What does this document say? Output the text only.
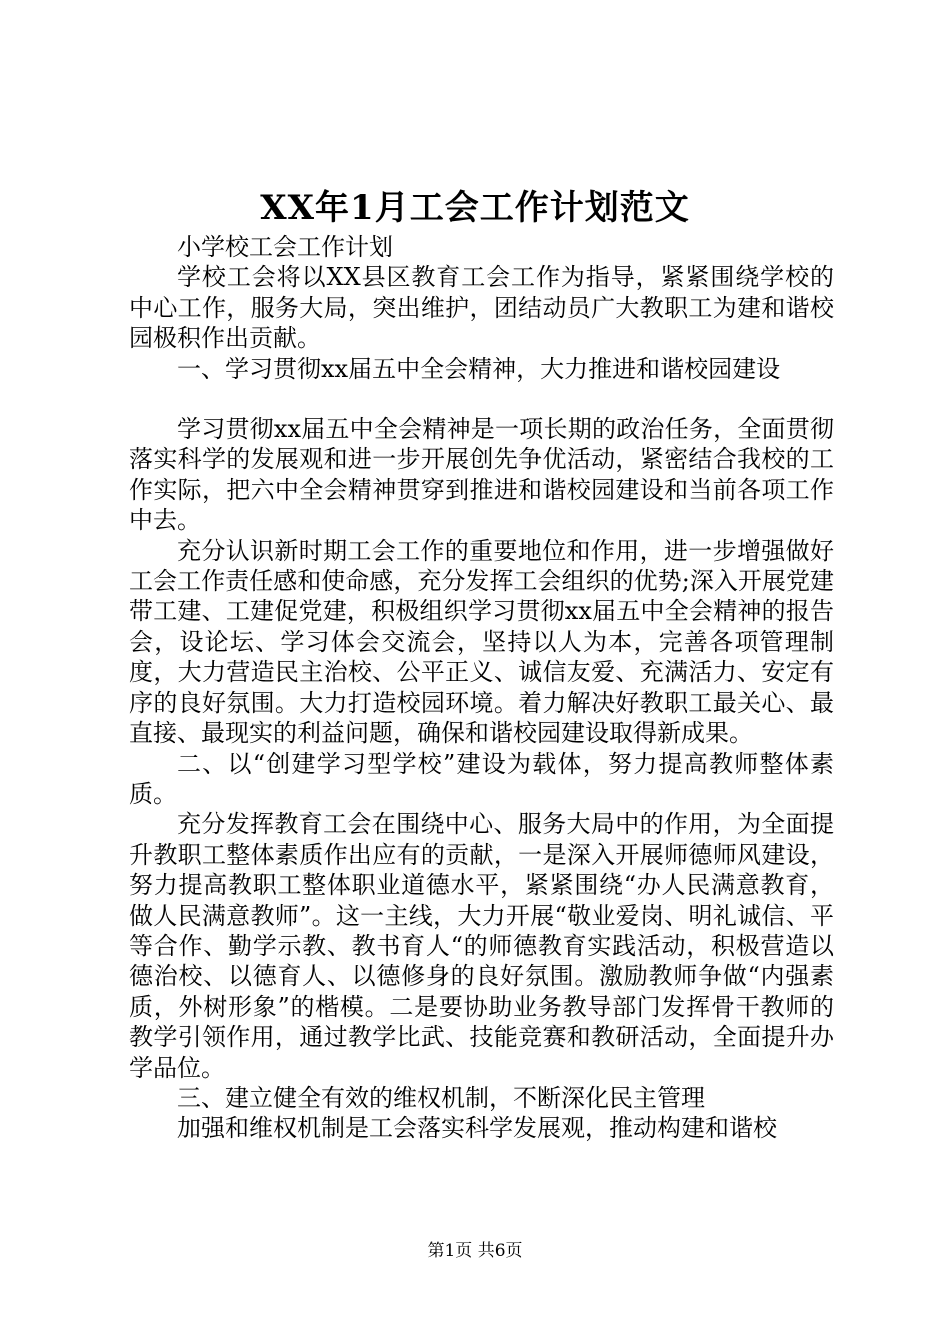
XX年1月工会工作计划范文

小学校工会工作计划

学校工会将以XX县区教育工会工作为指导，紧紧围绕学校的中心工作，服务大局，突出维护，团结动员广大教职工为建和谐校园极积作出贡献。

一、学习贯彻xx届五中全会精神，大力推进和谐校园建设

学习贯彻xx届五中全会精神是一项长期的政治任务，全面贯彻落实科学的发展观和进一步开展创先争优活动，紧密结合我校的工作实际，把六中全会精神贯穿到推进和谐校园建设和当前各项工作中去。

充分认识新时期工会工作的重要地位和作用，进一步增强做好工会工作责任感和使命感，充分发挥工会组织的优势;深入开展党建带工建、工建促党建，积极组织学习贯彻xx届五中全会精神的报告会，设论坛、学习体会交流会，坚持以人为本，完善各项管理制度，大力营造民主治校、公平正义、诚信友爱、充满活力、安定有序的良好氛围。大力打造校园环境。着力解决好教职工最关心、最直接、最现实的利益问题，确保和谐校园建设取得新成果。

二、以“创建学习型学校”建设为载体，努力提高教师整体素质。

充分发挥教育工会在围绕中心、服务大局中的作用，为全面提升教职工整体素质作出应有的贡献，一是深入开展师德师风建设，努力提高教职工整体职业道德水平，紧紧围绕“办人民满意教育，做人民满意教师”。这一主线，大力开展“敬业爱岗、明礼诚信、平等合作、勤学示教、教书育人“的师德教育实践活动，积极营造以德治校、以德育人、以德修身的良好氛围。激励教师争做“内强素质，外树形象”的楷模。二是要协助业务教导部门发挥骨干教师的教学引领作用，通过教学比武、技能竞赛和教研活动，全面提升办学品位。

三、建立健全有效的维权机制，不断深化民主管理

加强和维权机制是工会落实科学发展观，推动构建和谐校

第1页 共6页
